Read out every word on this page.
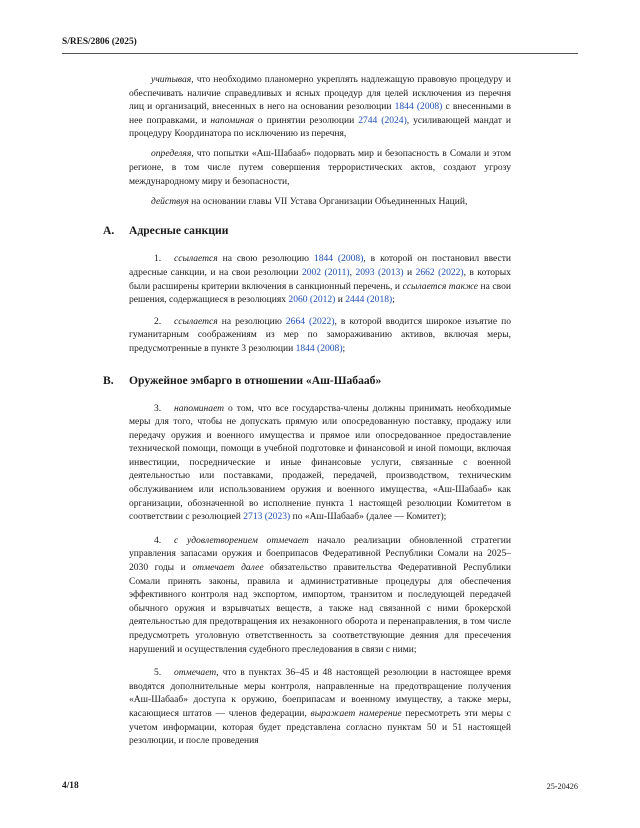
S/RES/2806 (2025)

учитывая, что необходимо планомерно укреплять надлежащую правовую процедуру и обеспечивать наличие справедливых и ясных процедур для целей исключения из перечня лиц и организаций, внесенных в него на основании резолюции 1844 (2008) с внесенными в нее поправками, и напоминая о принятии резолюции 2744 (2024), усиливающей мандат и процедуру Координатора по исключению из перечня,

определяя, что попытки «Аш-Шабааб» подорвать мир и безопасность в Сомали и этом регионе, в том числе путем совершения террористических актов, создают угрозу международному миру и безопасности,

действуя на основании главы VII Устава Организации Объединенных Наций,

A. Адресные санкции

1. ссылается на свою резолюцию 1844 (2008), в которой он постановил ввести адресные санкции, и на свои резолюции 2002 (2011), 2093 (2013) и 2662 (2022), в которых были расширены критерии включения в санкционный перечень, и ссылается также на свои решения, содержащиеся в резолюциях 2060 (2012) и 2444 (2018);

2. ссылается на резолюцию 2664 (2022), в которой вводится широкое изъятие по гуманитарным соображениям из мер по замораживанию активов, включая меры, предусмотренные в пункте 3 резолюции 1844 (2008);

B. Оружейное эмбарго в отношении «Аш-Шабааб»

3. напоминает о том, что все государства-члены должны принимать необходимые меры для того, чтобы не допускать прямую или опосредованную поставку, продажу или передачу оружия и военного имущества и прямое или опосредованное предоставление технической помощи, помощи в учебной подготовке и финансовой и иной помощи, включая инвестиции, посреднические и иные финансовые услуги, связанные с военной деятельностью или поставками, продажей, передачей, производством, техническим обслуживанием или использованием оружия и военного имущества, «Аш-Шабааб» как организации, обозначенной во исполнение пункта 1 настоящей резолюции Комитетом в соответствии с резолюцией 2713 (2023) по «Аш-Шабааб» (далее — Комитет);

4. с удовлетворением отмечает начало реализации обновленной стратегии управления запасами оружия и боеприпасов Федеративной Республики Сомали на 2025–2030 годы и отмечает далее обязательство правительства Федеративной Республики Сомали принять законы, правила и административные процедуры для обеспечения эффективного контроля над экспортом, импортом, транзитом и последующей передачей обычного оружия и взрывчатых веществ, а также над связанной с ними брокерской деятельностью для предотвращения их незаконного оборота и перенаправления, в том числе предусмотреть уголовную ответственность за соответствующие деяния для пресечения нарушений и осуществления судебного преследования в связи с ними;

5. отмечает, что в пунктах 36–45 и 48 настоящей резолюции в настоящее время вводятся дополнительные меры контроля, направленные на предотвращение получения «Аш-Шабааб» доступа к оружию, боеприпасам и военному имуществу, а также меры, касающиеся штатов — членов федерации, выражает намерение пересмотреть эти меры с учетом информации, которая будет представлена согласно пунктам 50 и 51 настоящей резолюции, и после проведения

4/18	25-20426
